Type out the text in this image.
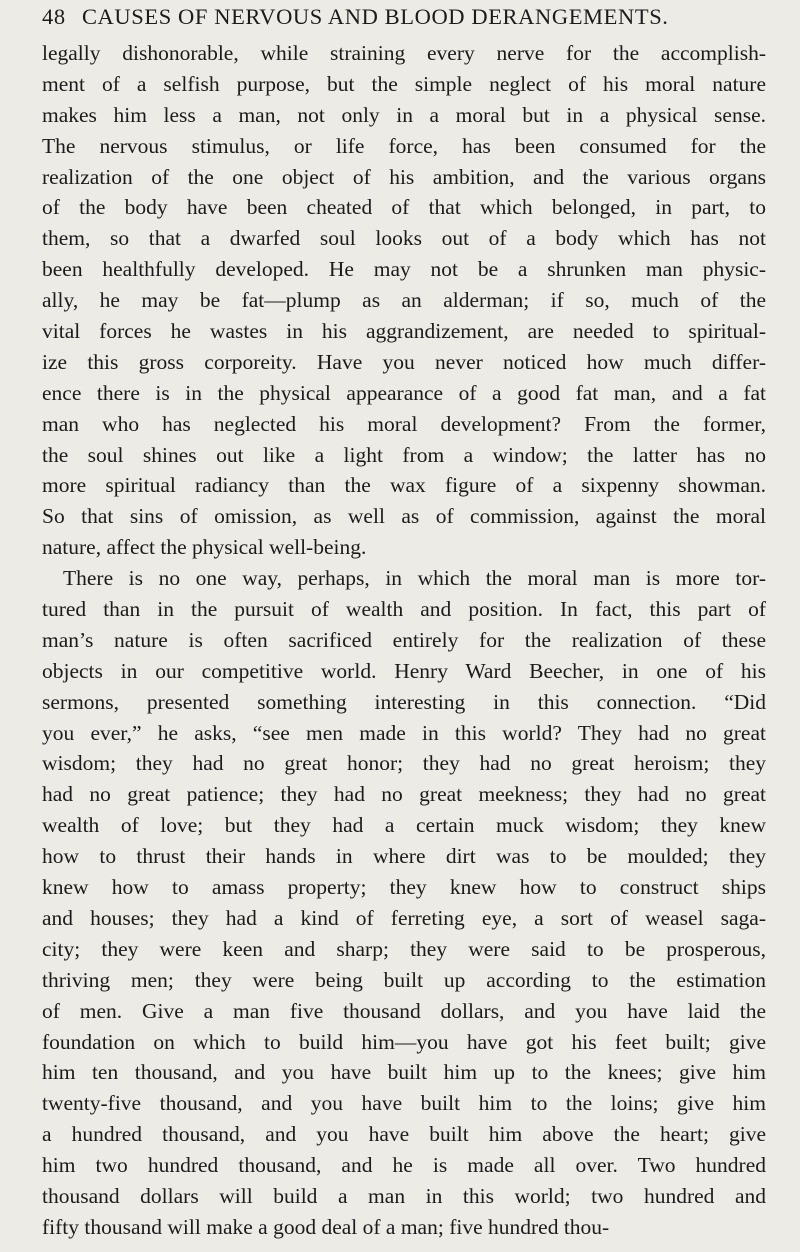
48 CAUSES OF NERVOUS AND BLOOD DERANGEMENTS.
legally dishonorable, while straining every nerve for the accomplish-
ment of a selfish purpose, but the simple neglect of his moral nature
makes him less a man, not only in a moral but in a physical sense.
The nervous stimulus, or life force, has been consumed for the
realization of the one object of his ambition, and the various organs
of the body have been cheated of that which belonged, in part, to
them, so that a dwarfed soul looks out of a body which has not
been healthfully developed. He may not be a shrunken man physic-
ally, he may be fat—plump as an alderman; if so, much of the
vital forces he wastes in his aggrandizement, are needed to spiritual-
ize this gross corporeity. Have you never noticed how much differ-
ence there is in the physical appearance of a good fat man, and a fat
man who has neglected his moral development? From the former,
the soul shines out like a light from a window; the latter has no
more spiritual radiancy than the wax figure of a sixpenny showman.
So that sins of omission, as well as of commission, against the moral
nature, affect the physical well-being.
There is no one way, perhaps, in which the moral man is more tor-
tured than in the pursuit of wealth and position. In fact, this part of
man’s nature is often sacrificed entirely for the realization of these
objects in our competitive world. Henry Ward Beecher, in one of his
sermons, presented something interesting in this connection. “Did
you ever,” he asks, “see men made in this world? They had no great
wisdom; they had no great honor; they had no great heroism; they
had no great patience; they had no great meekness; they had no great
wealth of love; but they had a certain muck wisdom; they knew
how to thrust their hands in where dirt was to be moulded; they
knew how to amass property; they knew how to construct ships
and houses; they had a kind of ferreting eye, a sort of weasel saga-
city; they were keen and sharp; they were said to be prosperous,
thriving men; they were being built up according to the estimation
of men. Give a man five thousand dollars, and you have laid the
foundation on which to build him—you have got his feet built; give
him ten thousand, and you have built him up to the knees; give him
twenty-five thousand, and you have built him to the loins; give him
a hundred thousand, and you have built him above the heart; give
him two hundred thousand, and he is made all over. Two hundred
thousand dollars will build a man in this world; two hundred and
fifty thousand will make a good deal of a man; five hundred thou-
